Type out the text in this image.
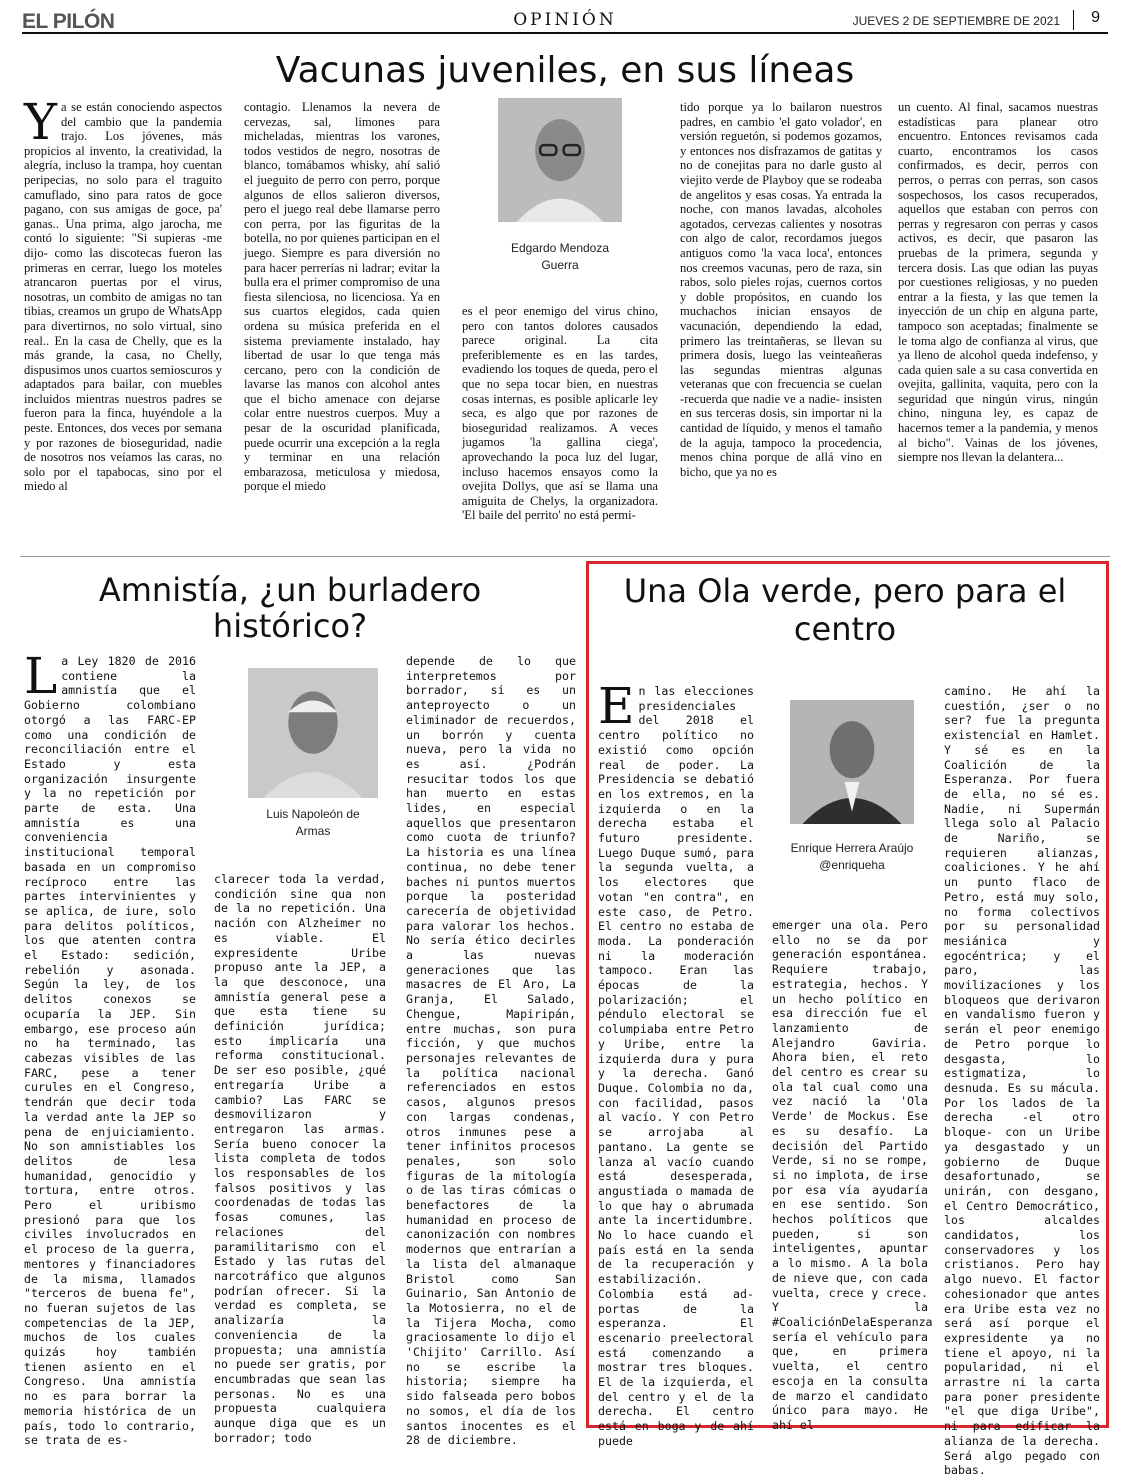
EL PILÓN	OPINIÓN	JUEVES 2 DE SEPTIEMBRE DE 2021 9
Vacunas juveniles, en sus líneas
Y a se están conociendo aspectos del cambio que la pandemia trajo. Los jóvenes, más propicios al invento, la creatividad, la alegría, incluso la trampa, hoy cuentan peripecias, no solo para el traguito camuflado, sino para ratos de goce pagano, con sus amigas de goce, pa' ganas.. Una prima, algo jarocha, me contó lo siguiente: "Si supieras -me dijo- como las discotecas fueron las primeras en cerrar, luego los moteles atrancaron puertas por el virus, nosotras, un combito de amigas no tan tibias, creamos un grupo de WhatsApp para divertirnos, no solo virtual, sino real.. En la casa de Chelly, que es la más grande, la casa, no Chelly, dispusimos unos cuartos semioscuros y adaptados para bailar, con muebles incluidos mientras nuestros padres se fueron para la finca, huyéndole a la peste. Entonces, dos veces por semana y por razones de bioseguridad, nadie de nosotros nos veíamos las caras, no solo por el tapabocas, sino por el miedo al
contagio. Llenamos la nevera de cervezas, sal, limones para micheladas, mientras los varones, todos vestidos de negro, nosotras de blanco, tomábamos whisky, ahí salió el jueguito de perro con perro, porque algunos de ellos salieron diversos, pero el juego real debe llamarse perro con perra, por las figuritas de la botella, no por quienes participan en el juego. Siempre es para diversión no para hacer perrerías ni ladrar; evitar la bulla era el primer compromiso de una fiesta silenciosa, no licenciosa. Ya en sus cuartos elegidos, cada quien ordena su música preferida en el sistema previamente instalado, hay libertad de usar lo que tenga más cercano, pero con la condición de lavarse las manos con alcohol antes que el bicho amenace con dejarse colar entre nuestros cuerpos. Muy a pesar de la oscuridad planificada, puede ocurrir una excepción a la regla y terminar en una relación embarazosa, meticulosa y miedosa, porque el miedo
Edgardo Mendoza
Guerra
es el peor enemigo del virus chino, pero con tantos dolores causados parece original. La cita preferiblemente es en las tardes, evadiendo los toques de queda, pero el que no sepa tocar bien, en nuestras cosas internas, es posible aplicarle ley seca, es algo que por razones de bioseguridad realizamos. A veces jugamos 'la gallina ciega', aprovechando la poca luz del lugar, incluso hacemos ensayos como la ovejita Dollys, que así se llama una amiguita de Chelys, la organizadora. 'El baile del perrito' no está permi-
tido porque ya lo bailaron nuestros padres, en cambio 'el gato volador', en versión reguetón, si podemos gozamos, y entonces nos disfrazamos de gatitas y no de conejitas para no darle gusto al viejito verde de Playboy que se rodeaba de angelitos y esas cosas. Ya entrada la noche, con manos lavadas, alcoholes agotados, cervezas calientes y nosotras con algo de calor, recordamos juegos antiguos como 'la vaca loca', entonces nos creemos vacunas, pero de raza, sin rabos, solo pieles rojas, cuernos cortos y doble propósitos, en cuando los muchachos inician ensayos de vacunación, dependiendo la edad, primero las treintañeras, se llevan su primera dosis, luego las veinteañeras las segundas mientras algunas veteranas que con frecuencia se cuelan -recuerda que nadie ve a nadie- insisten en sus terceras dosis, sin importar ni la cantidad de líquido, y menos el tamaño de la aguja, tampoco la procedencia, menos china porque de allá vino en bicho, que ya no es
un cuento. Al final, sacamos nuestras estadísticas para planear otro encuentro. Entonces revisamos cada cuarto, encontramos los casos confirmados, es decir, perros con perros, o perras con perras, son casos sospechosos, los casos recuperados, aquellos que estaban con perros con perras y regresaron con perras y casos activos, es decir, que pasaron las pruebas de la primera, segunda y tercera dosis. Las que odian las puyas por cuestiones religiosas, y no pueden entrar a la fiesta, y las que temen la inyección de un chip en alguna parte, tampoco son aceptadas; finalmente se le toma algo de confianza al virus, que ya lleno de alcohol queda indefenso, y cada quien sale a su casa convertida en ovejita, gallinita, vaquita, pero con la seguridad que ningún virus, ningún chino, ninguna ley, es capaz de hacernos temer a la pandemia, y menos al bicho". Vainas de los jóvenes, siempre nos llevan la delantera...
Amnistía, ¿un burladero histórico?
L a Ley 1820 de 2016 contiene la amnistía que el Gobierno colombiano otorgó a las FARC-EP como una condición de reconciliación entre el Estado y esta organización insurgente y la no repetición por parte de esta. Una amnistía es una conveniencia institucional temporal basada en un compromiso recíproco entre las partes intervinientes y se aplica, de iure, solo para delitos políticos, los que atenten contra el Estado: sedición, rebelión y asonada. Según la ley, de los delitos conexos se ocuparía la JEP. Sin embargo, ese proceso aún no ha terminado, las cabezas visibles de las FARC, pese a tener curules en el Congreso, tendrán que decir toda la verdad ante la JEP so pena de enjuiciamiento. No son amnistiables los delitos de lesa humanidad, genocidio y tortura, entre otros. Pero el uribismo presionó para que los civiles involucrados en el proceso de la guerra, mentores y financiadores de la misma, llamados "terceros de buena fe", no fueran sujetos de las competencias de la JEP, muchos de los cuales quizás hoy también tienen asiento en el Congreso. Una amnistía no es para borrar la memoria histórica de un país, todo lo contrario, se trata de es-
Luis Napoleón de
Armas
clarecer toda la verdad, condición sine qua non de la no repetición. Una nación con Alzheimer no es viable. El expresidente Uribe propuso ante la JEP, a la que desconoce, una amnistía general pese a que esta tiene su definición jurídica; esto implicaría una reforma constitucional. De ser eso posible, ¿qué entregaría Uribe a cambio? Las FARC se desmovilizaron y entregaron las armas. Sería bueno conocer la lista completa de todos los responsables de los falsos positivos y las coordenadas de todas las fosas comunes, las relaciones del paramilitarismo con el Estado y las rutas del narcotráfico que algunos podrían ofrecer. Si la verdad es completa, se analizaría la conveniencia de la propuesta; una amnistía no puede ser gratis, por encumbradas que sean las personas. No es una propuesta cualquiera aunque diga que es un borrador; todo
depende de lo que interpretemos por borrador, si es un anteproyecto o un eliminador de recuerdos, un borrón y cuenta nueva, pero la vida no es así. ¿Podrán resucitar todos los que han muerto en estas lides, en especial aquellos que presentaron como cuota de triunfo? La historia es una línea continua, no debe tener baches ni puntos muertos porque la posteridad carecería de objetividad para valorar los hechos. No sería ético decirles a las nuevas generaciones que las masacres de El Aro, La Granja, El Salado, Chengue, Mapiripán, entre muchas, son pura ficción, y que muchos personajes relevantes de la política nacional referenciados en estos casos, algunos presos con largas condenas, otros inmunes pese a tener infinitos procesos penales, son solo figuras de la mitología o de las tiras cómicas o benefactores de la humanidad en proceso de canonización con nombres modernos que entrarían a la lista del almanaque Bristol como San Guinario, San Antonio de la Motosierra, no el de la Tijera Mocha, como graciosamente lo dijo el 'Chijito' Carrillo. Así no se escribe la historia; siempre ha sido falseada pero bobos no somos, el día de los santos inocentes es el 28 de diciembre.
Una Ola verde, pero para el centro
E n las elecciones presidenciales del 2018 el centro político no existió como opción real de poder. La Presidencia se debatió en los extremos, en la izquierda o en la derecha estaba el futuro presidente. Luego Duque sumó, para la segunda vuelta, a los electores que votan "en contra", en este caso, de Petro. El centro no estaba de moda. La ponderación ni la moderación tampoco. Eran las épocas de la polarización; el péndulo electoral se columpiaba entre Petro y Uribe, entre la izquierda dura y pura y la derecha. Ganó Duque. Colombia no da, con facilidad, pasos al vacío. Y con Petro se arrojaba al pantano. La gente se lanza al vacío cuando está desesperada, angustiada o mamada de lo que hay o abrumada ante la incertidumbre. No lo hace cuando el país está en la senda de la recuperación y estabilización. Colombia está ad-portas de la esperanza. El escenario preelectoral está comenzando a mostrar tres bloques. El de la izquierda, el del centro y el de la derecha. El centro está en boga y de ahí puede
Enrique Herrera Araújo
@enriqueha
emerger una ola. Pero ello no se da por generación espontánea. Requiere trabajo, estrategia, hechos. Y un hecho político en esa dirección fue el lanzamiento de Alejandro Gaviria. Ahora bien, el reto del centro es crear su ola tal cual como una vez nació la 'Ola Verde' de Mockus. Ese es su desafío. La decisión del Partido Verde, si no se rompe, si no implota, de irse por esa vía ayudaría en ese sentido. Son hechos políticos que pueden, si son inteligentes, apuntar a lo mismo. A la bola de nieve que, con cada vuelta, crece y crece. Y la #CoaliciónDelaEsperanza sería el vehículo para que, en primera vuelta, el centro escoja en la consulta de marzo el candidato único para mayo. He ahí el
camino. He ahí la cuestión, ¿ser o no ser? fue la pregunta existencial en Hamlet. Y sé es en la Coalición de la Esperanza. Por fuera de ella, no sé es. Nadie, ni Supermán llega solo al Palacio de Nariño, se requieren alianzas, coaliciones. Y he ahí un punto flaco de Petro, está muy solo, no forma colectivos por su personalidad mesiánica y egocéntrica; y el paro, las movilizaciones y los bloqueos que derivaron en vandalismo fueron y serán el peor enemigo de Petro porque lo desgasta, lo estigmatiza, lo desnuda. Es su mácula. Por los lados de la derecha -el otro bloque- con un Uribe ya desgastado y un gobierno de Duque desafortunado, se unirán, con desgano, el Centro Democrático, los alcaldes candidatos, los conservadores y los cristianos. Pero hay algo nuevo. El factor cohesionador que antes era Uribe esta vez no será así porque el expresidente ya no tiene el apoyo, ni la popularidad, ni el arrastre ni la carta para poner presidente "el que diga Uribe", ni para edificar la alianza de la derecha. Será algo pegado con babas.
